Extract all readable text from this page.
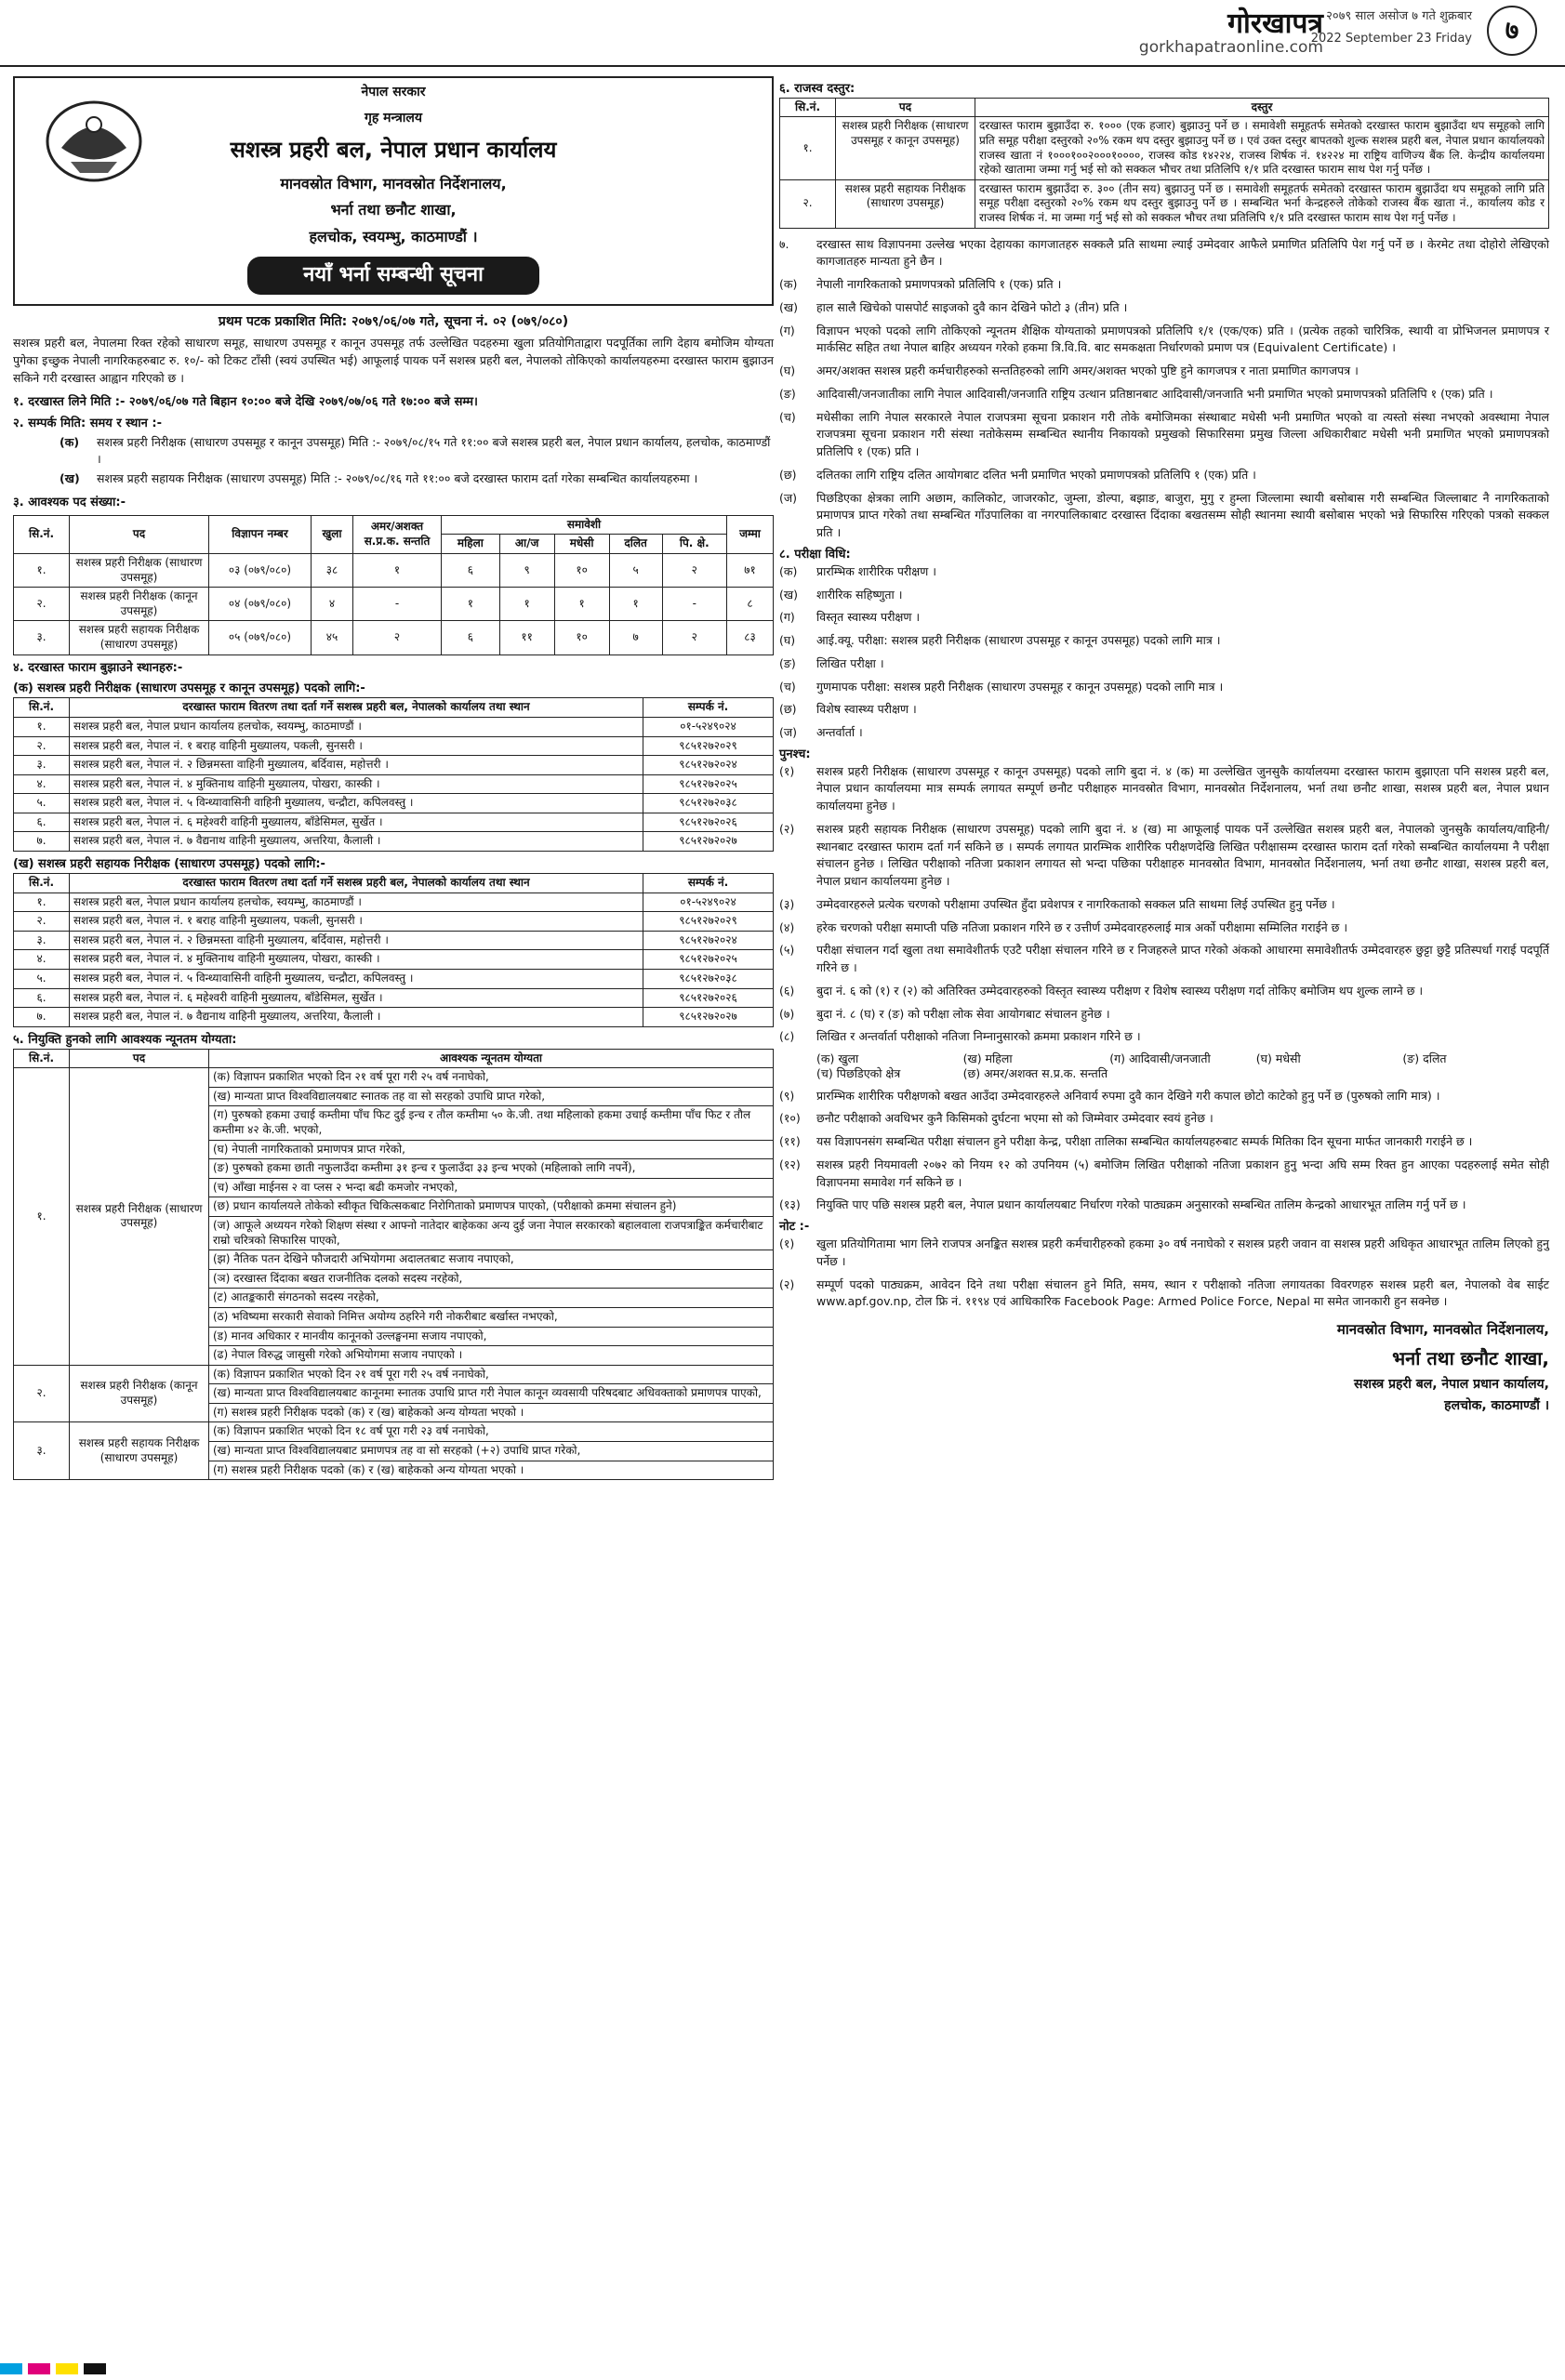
गोरखापत्र
gorkhapatraonline.com
२०७९ साल असोज ७ गते शुक्रबार
2022 September 23 Friday	७
नेपाल सरकार
गृह मन्त्रालय
सशस्त्र प्रहरी बल, नेपाल प्रधान कार्यालय
मानवस्रोत विभाग, मानवस्रोत निर्देशनालय,
भर्ना तथा छनौट शाखा,
हलचोक, स्वयम्भु, काठमाण्डौं ।
नयाँ भर्ना सम्बन्धी सूचना
प्रथम पटक प्रकाशित मिति: २०७९/०६/०७ गते, सूचना नं. ०२ (०७९/०८०)

सशस्त्र प्रहरी बल, नेपालमा रिक्त रहेको साधारण समूह, साधारण उपसमूह र कानून उपसमूह तर्फ उल्लेखित पदहरुमा खुला प्रतियोगिताद्वारा पदपूर्तिका लागि देहाय बमोजिम योग्यता पुगेका इच्छुक नेपाली नागरिकहरुबाट रु. १०/- को टिकट टाँसी (स्वयं उपस्थित भई) आफूलाई पायक पर्ने सशस्त्र प्रहरी बल, नेपालको तोकिएको कार्यालयहरुमा दरखास्त फाराम बुझाउन सकिने गरी दरखास्त आह्वान गरिएको छ ।

१. दरखास्त लिने मिति :- २०७९/०६/०७ गते बिहान १०:०० बजे देखि २०७९/०७/०६ गते १७:०० बजे सम्म।
२. सम्पर्क मिति: समय र स्थान :-
(क)	सशस्त्र प्रहरी निरीक्षक (साधारण उपसमूह र कानून उपसमूह) मिति :- २०७९/०८/१५ गते ११:०० बजे सशस्त्र प्रहरी बल, नेपाल प्रधान कार्यालय, हलचोक, काठमाण्डौं ।
(ख)	सशस्त्र प्रहरी सहायक निरीक्षक (साधारण उपसमूह) मिति :- २०७९/०८/१६ गते ११:०० बजे दरखास्त फाराम दर्ता गरेका सम्बन्धित कार्यालयहरुमा ।
३. आवश्यक पद संख्या:-
सि.नं.	पद	विज्ञापन नम्बर	खुला	अमर/अशक्त स.प्र.क. सन्तति	समावेशी					जम्मा
					महिला	आ/ज	मधेसी	दलित	पि. क्षे.	
१.	सशस्त्र प्रहरी निरीक्षक (साधारण उपसमूह)	०३ (०७९/०८०)	३८	१	६	९	१०	५	२	७१
२.	सशस्त्र प्रहरी निरीक्षक (कानून उपसमूह)	०४ (०७९/०८०)	४	-	१	१	१	१	-	८
३.	सशस्त्र प्रहरी सहायक निरीक्षक (साधारण उपसमूह)	०५ (०७९/०८०)	४५	२	६	११	१०	७	२	८३
४. दरखास्त फाराम बुझाउने स्थानहरु:-
(क) सशस्त्र प्रहरी निरीक्षक (साधारण उपसमूह र कानून उपसमूह) पदको लागि:-
सि.नं.	दरखास्त फाराम वितरण तथा दर्ता गर्ने सशस्त्र प्रहरी बल, नेपालको कार्यालय तथा स्थान	सम्पर्क नं.
१.	सशस्त्र प्रहरी बल, नेपाल प्रधान कार्यालय हलचोक, स्वयम्भु, काठमाण्डौं ।	०१-५२४९०२४
२.	सशस्त्र प्रहरी बल, नेपाल नं. १ बराह वाहिनी मुख्यालय, पकली, सुनसरी ।	९८५१२७२०२९
३.	सशस्त्र प्रहरी बल, नेपाल नं. २ छिन्नमस्ता वाहिनी मुख्यालय, बर्दिवास, महोत्तरी ।	९८५१२७२०२४
४.	सशस्त्र प्रहरी बल, नेपाल नं. ४ मुक्तिनाथ वाहिनी मुख्यालय, पोखरा, कास्की ।	९८५१२७२०२५
५.	सशस्त्र प्रहरी बल, नेपाल नं. ५ विन्ध्यावासिनी वाहिनी मुख्यालय, चन्द्रौटा, कपिलवस्तु ।	९८५१२७२०३८
६.	सशस्त्र प्रहरी बल, नेपाल नं. ६ महेश्वरी वाहिनी मुख्यालय, बाँडेसिमल, सुर्खेत ।	९८५१२७२०२६
७.	सशस्त्र प्रहरी बल, नेपाल नं. ७ वैद्यनाथ वाहिनी मुख्यालय, अत्तरिया, कैलाली ।	९८५१२७२०२७
(ख) सशस्त्र प्रहरी सहायक निरीक्षक (साधारण उपसमूह) पदको लागि:-
सि.नं.	दरखास्त फाराम वितरण तथा दर्ता गर्ने सशस्त्र प्रहरी बल, नेपालको कार्यालय तथा स्थान	सम्पर्क नं.
१.	सशस्त्र प्रहरी बल, नेपाल प्रधान कार्यालय हलचोक, स्वयम्भु, काठमाण्डौं ।	०१-५२४९०२४
२.	सशस्त्र प्रहरी बल, नेपाल नं. १ बराह वाहिनी मुख्यालय, पकली, सुनसरी ।	९८५१२७२०२९
३.	सशस्त्र प्रहरी बल, नेपाल नं. २ छिन्नमस्ता वाहिनी मुख्यालय, बर्दिवास, महोत्तरी ।	९८५१२७२०२४
४.	सशस्त्र प्रहरी बल, नेपाल नं. ४ मुक्तिनाथ वाहिनी मुख्यालय, पोखरा, कास्की ।	९८५१२७२०२५
५.	सशस्त्र प्रहरी बल, नेपाल नं. ५ विन्ध्यावासिनी वाहिनी मुख्यालय, चन्द्रौटा, कपिलवस्तु ।	९८५१२७२०३८
६.	सशस्त्र प्रहरी बल, नेपाल नं. ६ महेश्वरी वाहिनी मुख्यालय, बाँडेसिमल, सुर्खेत ।	९८५१२७२०२६
७.	सशस्त्र प्रहरी बल, नेपाल नं. ७ वैद्यनाथ वाहिनी मुख्यालय, अत्तरिया, कैलाली ।	९८५१२७२०२७
५. नियुक्ति हुनको लागि आवश्यक न्यूनतम योग्यता:
सि.नं.	पद	आवश्यक न्यूनतम योग्यता
१.	सशस्त्र प्रहरी निरीक्षक (साधारण उपसमूह)	(क) विज्ञापन प्रकाशित भएको दिन २१ वर्ष पूरा गरी २५ वर्ष ननाघेको,
		(ख) मान्यता प्राप्त विश्वविद्यालयबाट स्नातक तह वा सो सरहको उपाधि प्राप्त गरेको,
		(ग) पुरुषको हकमा उचाई कम्तीमा पाँच फिट दुई इन्च र तौल कम्तीमा ५० के.जी. तथा महिलाको हकमा उचाई कम्तीमा पाँच फिट र तौल कम्तीमा ४२ के.जी. भएको,
		(घ) नेपाली नागरिकताको प्रमाणपत्र प्राप्त गरेको,
		(ङ) पुरुषको हकमा छाती नफुलाउँदा कम्तीमा ३१ इन्च र फुलाउँदा ३३ इन्च भएको (महिलाको लागि नपर्ने),
		(च) आँखा माईनस २ वा प्लस २ भन्दा बढी कमजोर नभएको,
		(छ) प्रधान कार्यालयले तोकेको स्वीकृत चिकित्सकबाट निरोगिताको प्रमाणपत्र पाएको, (परीक्षाको क्रममा संचालन हुने)
		(ज) आफूले अध्ययन गरेको शिक्षण संस्था र आफ्नो नातेदार बाहेकका अन्य दुई जना नेपाल सरकारको बहालवाला राजपत्राङ्कित कर्मचारीबाट राम्रो चरित्रको सिफारिस पाएको,
		(झ) नैतिक पतन देखिने फौजदारी अभियोगमा अदालतबाट सजाय नपाएको,
		(ञ) दरखास्त दिंदाका बखत राजनीतिक दलको सदस्य नरहेको,
		(ट) आतङ्ककारी संगठनको सदस्य नरहेको,
		(ठ) भविष्यमा सरकारी सेवाको निमित्त अयोग्य ठहरिने गरी नोकरीबाट बर्खास्त नभएको,
		(ड) मानव अधिकार र मानवीय कानूनको उल्लङ्घनमा सजाय नपाएको,
		(ढ) नेपाल विरुद्ध जासुसी गरेको अभियोगमा सजाय नपाएको ।
२.	सशस्त्र प्रहरी निरीक्षक (कानून उपसमूह)	(क) विज्ञापन प्रकाशित भएको दिन २१ वर्ष पूरा गरी २५ वर्ष ननाघेको,
		(ख) मान्यता प्राप्त विश्वविद्यालयबाट कानूनमा स्नातक उपाधि प्राप्त गरी नेपाल कानून व्यवसायी परिषदबाट अधिवक्ताको प्रमाणपत्र पाएको,
		(ग) सशस्त्र प्रहरी निरीक्षक पदको (क) र (ख) बाहेकको अन्य योग्यता भएको ।
३.	सशस्त्र प्रहरी सहायक निरीक्षक (साधारण उपसमूह)	(क) विज्ञापन प्रकाशित भएको दिन १८ वर्ष पूरा गरी २३ वर्ष ननाघेको,
		(ख) मान्यता प्राप्त विश्वविद्यालयबाट प्रमाणपत्र तह वा सो सरहको (+२) उपाधि प्राप्त गरेको,
		(ग) सशस्त्र प्रहरी निरीक्षक पदको (क) र (ख) बाहेकको अन्य योग्यता भएको ।
६. राजस्व दस्तुर:
सि.नं.	पद	दस्तुर
१.	सशस्त्र प्रहरी निरीक्षक (साधारण उपसमूह र कानून उपसमूह)	दरखास्त फाराम बुझाउँदा रु. १००० (एक हजार) बुझाउनु पर्ने छ । समावेशी समूहतर्फ समेतको दरखास्त फाराम बुझाउँदा थप समूहको लागि प्रति समूह परीक्षा दस्तुरको २०% रकम थप दस्तुर बुझाउनु पर्ने छ । एवं उक्त दस्तुर बापतको शुल्क सशस्त्र प्रहरी बल, नेपाल प्रधान कार्यालयको राजस्व खाता नं १०००१००२०००१००००, राजस्व कोड १४२२४, राजस्व शिर्षक नं. १४२२४ मा राष्ट्रिय वाणिज्य बैंक लि. केन्द्रीय कार्यालयमा रहेको खातामा जम्मा गर्नु भई सो को सक्कल भौचर तथा प्रतिलिपि १/१ प्रति दरखास्त फाराम साथ पेश गर्नु पर्नेछ ।
२.	सशस्त्र प्रहरी सहायक निरीक्षक (साधारण उपसमूह)	दरखास्त फाराम बुझाउँदा रु. ३०० (तीन सय) बुझाउनु पर्ने छ । समावेशी समूहतर्फ समेतको दरखास्त फाराम बुझाउँदा थप समूहको लागि प्रति समूह परीक्षा दस्तुरको २०% रकम थप दस्तुर बुझाउनु पर्ने छ । सम्बन्धित भर्ना केन्द्रहरुले तोकेको राजस्व बैंक खाता नं., कार्यालय कोड र राजस्व शिर्षक नं. मा जम्मा गर्नु भई सो को सक्कल भौचर तथा प्रतिलिपि १/१ प्रति दरखास्त फाराम साथ पेश गर्नु पर्नेछ ।
७.	दरखास्त साथ विज्ञापनमा उल्लेख भएका देहायका कागजातहरु सक्कलै प्रति साथमा ल्याई उम्मेदवार आफैले प्रमाणित प्रतिलिपि पेश गर्नु पर्ने छ । केरमेट तथा दोहोरो लेखिएको कागजातहरु मान्यता हुने छैन ।
(क)	नेपाली नागरिकताको प्रमाणपत्रको प्रतिलिपि १ (एक) प्रति ।
(ख)	हाल सालै खिचेको पासपोर्ट साइजको दुवै कान देखिने फोटो ३ (तीन) प्रति ।
(ग)	विज्ञापन भएको पदको लागि तोकिएको न्यूनतम शैक्षिक योग्यताको प्रमाणपत्रको प्रतिलिपि १/१ (एक/एक) प्रति । (प्रत्येक तहको चारित्रिक, स्थायी वा प्रोभिजनल प्रमाणपत्र र मार्कसिट सहित तथा नेपाल बाहिर अध्ययन गरेको हकमा त्रि.वि.वि. बाट समकक्षता निर्धारणको प्रमाण पत्र (Equivalent Certificate) ।
(घ)	अमर/अशक्त सशस्त्र प्रहरी कर्मचारीहरुको सन्ततिहरुको लागि अमर/अशक्त भएको पुष्टि हुने कागजपत्र र नाता प्रमाणित कागजपत्र ।
(ङ)	आदिवासी/जनजातीका लागि नेपाल आदिवासी/जनजाति राष्ट्रिय उत्थान प्रतिष्ठानबाट आदिवासी/जनजाति भनी प्रमाणित भएको प्रमाणपत्रको प्रतिलिपि १ (एक) प्रति ।
(च)	मधेसीका लागि नेपाल सरकारले नेपाल राजपत्रमा सूचना प्रकाशन गरी तोके बमोजिमका संस्थाबाट मधेसी भनी प्रमाणित भएको वा त्यस्तो संस्था नभएको अवस्थामा नेपाल राजपत्रमा सूचना प्रकाशन गरी संस्था नतोकेसम्म सम्बन्धित स्थानीय निकायको प्रमुखको सिफारिसमा प्रमुख जिल्ला अधिकारीबाट मधेसी भनी प्रमाणित भएको प्रमाणपत्रको प्रतिलिपि १ (एक) प्रति ।
(छ)	दलितका लागि राष्ट्रिय दलित आयोगबाट दलित भनी प्रमाणित भएको प्रमाणपत्रको प्रतिलिपि १ (एक) प्रति ।
(ज)	पिछडिएका क्षेत्रका लागि अछाम, कालिकोट, जाजरकोट, जुम्ला, डोल्पा, बझाङ, बाजुरा, मुगु र हुम्ला जिल्लामा स्थायी बसोबास गरी सम्बन्धित जिल्लाबाट नै नागरिकताको प्रमाणपत्र प्राप्त गरेको तथा सम्बन्धित गाँउपालिका वा नगरपालिकाबाट दरखास्त दिंदाका बखतसम्म सोही स्थानमा स्थायी बसोबास भएको भन्ने सिफारिस गरिएको पत्रको सक्कल प्रति ।
८. परीक्षा विधि:
(क)	प्रारम्भिक शारीरिक परीक्षण ।
(ख)	शारीरिक सहिष्णुता ।
(ग)	विस्तृत स्वास्थ्य परीक्षण ।
(घ)	आई.क्यू. परीक्षा: सशस्त्र प्रहरी निरीक्षक (साधारण उपसमूह र कानून उपसमूह) पदको लागि मात्र ।
(ङ)	लिखित परीक्षा ।
(च)	गुणमापक परीक्षा: सशस्त्र प्रहरी निरीक्षक (साधारण उपसमूह र कानून उपसमूह) पदको लागि मात्र ।
(छ)	विशेष स्वास्थ्य परीक्षण ।
(ज)	अन्तर्वार्ता ।
पुनश्च:
(१)	सशस्त्र प्रहरी निरीक्षक (साधारण उपसमूह र कानून उपसमूह) पदको लागि बुदा नं. ४ (क) मा उल्लेखित जुनसुकै कार्यालयमा दरखास्त फाराम बुझाएता पनि सशस्त्र प्रहरी बल, नेपाल प्रधान कार्यालयमा मात्र सम्पर्क लगायत सम्पूर्ण छनौट परीक्षाहरु मानवस्रोत विभाग, मानवस्रोत निर्देशनालय, भर्ना तथा छनौट शाखा, सशस्त्र प्रहरी बल, नेपाल प्रधान कार्यालयमा हुनेछ ।
(२)	सशस्त्र प्रहरी सहायक निरीक्षक (साधारण उपसमूह) पदको लागि बुदा नं. ४ (ख) मा आफूलाई पायक पर्ने उल्लेखित सशस्त्र प्रहरी बल, नेपालको जुनसुकै कार्यालय/वाहिनी/स्थानबाट दरखास्त फाराम दर्ता गर्न सकिने छ । सम्पर्क लगायत प्रारम्भिक शारीरिक परीक्षणदेखि लिखित परीक्षासम्म दरखास्त फाराम दर्ता गरेको सम्बन्धित कार्यालयमा नै परीक्षा संचालन हुनेछ । लिखित परीक्षाको नतिजा प्रकाशन लगायत सो भन्दा पछिका परीक्षाहरु मानवस्रोत विभाग, मानवस्रोत निर्देशनालय, भर्ना तथा छनौट शाखा, सशस्त्र प्रहरी बल, नेपाल प्रधान कार्यालयमा हुनेछ ।
(३)	उम्मेदवारहरुले प्रत्येक चरणको परीक्षामा उपस्थित हुँदा प्रवेशपत्र र नागरिकताको सक्कल प्रति साथमा लिई उपस्थित हुनु पर्नेछ ।
(४)	हरेक चरणको परीक्षा समाप्ती पछि नतिजा प्रकाशन गरिने छ र उत्तीर्ण उम्मेदवारहरुलाई मात्र अर्को परीक्षामा सम्मिलित गराईने छ ।
(५)	परीक्षा संचालन गर्दा खुला तथा समावेशीतर्फ एउटै परीक्षा संचालन गरिने छ र निजहरुले प्राप्त गरेको अंकको आधारमा समावेशीतर्फ उम्मेदवारहरु छुट्टा छुट्टै प्रतिस्पर्धा गराई पदपूर्ति गरिने छ ।
(६)	बुदा नं. ६ को (१) र (२) को अतिरिक्त उम्मेदवारहरुको विस्तृत स्वास्थ्य परीक्षण र विशेष स्वास्थ्य परीक्षण गर्दा तोकिए बमोजिम थप शुल्क लाग्ने छ ।
(७)	बुदा नं. ८ (घ) र (ङ) को परीक्षा लोक सेवा आयोगबाट संचालन हुनेछ ।
(८)	लिखित र अन्तर्वार्ता परीक्षाको नतिजा निम्नानुसारको क्रममा प्रकाशन गरिने छ ।
(क) खुला	(ख) महिला	(ग) आदिवासी/जनजाती	(घ) मधेसी	(ङ) दलित
(च) पिछडिएको क्षेत्र	(छ) अमर/अशक्त स.प्र.क. सन्तति
(९)	प्रारम्भिक शारीरिक परीक्षणको बखत आउँदा उम्मेदवारहरुले अनिवार्य रुपमा दुवै कान देखिने गरी कपाल छोटो काटेको हुनु पर्ने छ (पुरुषको लागि मात्र) ।
(१०)	छनौट परीक्षाको अवधिभर कुनै किसिमको दुर्घटना भएमा सो को जिम्मेवार उम्मेदवार स्वयं हुनेछ ।
(११)	यस विज्ञापनसंग सम्बन्धित परीक्षा संचालन हुने परीक्षा केन्द्र, परीक्षा तालिका सम्बन्धित कार्यालयहरुबाट सम्पर्क मितिका दिन सूचना मार्फत जानकारी गराईने छ ।
(१२)	सशस्त्र प्रहरी नियमावली २०७२ को नियम १२ को उपनियम (५) बमोजिम लिखित परीक्षाको नतिजा प्रकाशन हुनु भन्दा अघि सम्म रिक्त हुन आएका पदहरुलाई समेत सोही विज्ञापनमा समावेश गर्न सकिने छ ।
(१३)	नियुक्ति पाए पछि सशस्त्र प्रहरी बल, नेपाल प्रधान कार्यालयबाट निर्धारण गरेको पाठ्यक्रम अनुसारको सम्बन्धित तालिम केन्द्रको आधारभूत तालिम गर्नु पर्ने छ ।
नोट :-
(१)	खुला प्रतियोगितामा भाग लिने राजपत्र अनङ्कित सशस्त्र प्रहरी कर्मचारीहरुको हकमा ३० वर्ष ननाघेको र सशस्त्र प्रहरी जवान वा सशस्त्र प्रहरी अधिकृत आधारभूत तालिम लिएको हुनु पर्नेछ ।
(२)	सम्पूर्ण पदको पाठ्यक्रम, आवेदन दिने तथा परीक्षा संचालन हुने मिति, समय, स्थान र परीक्षाको नतिजा लगायतका विवरणहरु सशस्त्र प्रहरी बल, नेपालको वेब साईट www.apf.gov.np, टोल फ्रि नं. ११९४ एवं आधिकारिक Facebook Page: Armed Police Force, Nepal मा समेत जानकारी हुन सक्नेछ ।
मानवस्रोत विभाग, मानवस्रोत निर्देशनालय,
भर्ना तथा छनौट शाखा,
सशस्त्र प्रहरी बल, नेपाल प्रधान कार्यालय,
हलचोक, काठमाण्डौं ।
